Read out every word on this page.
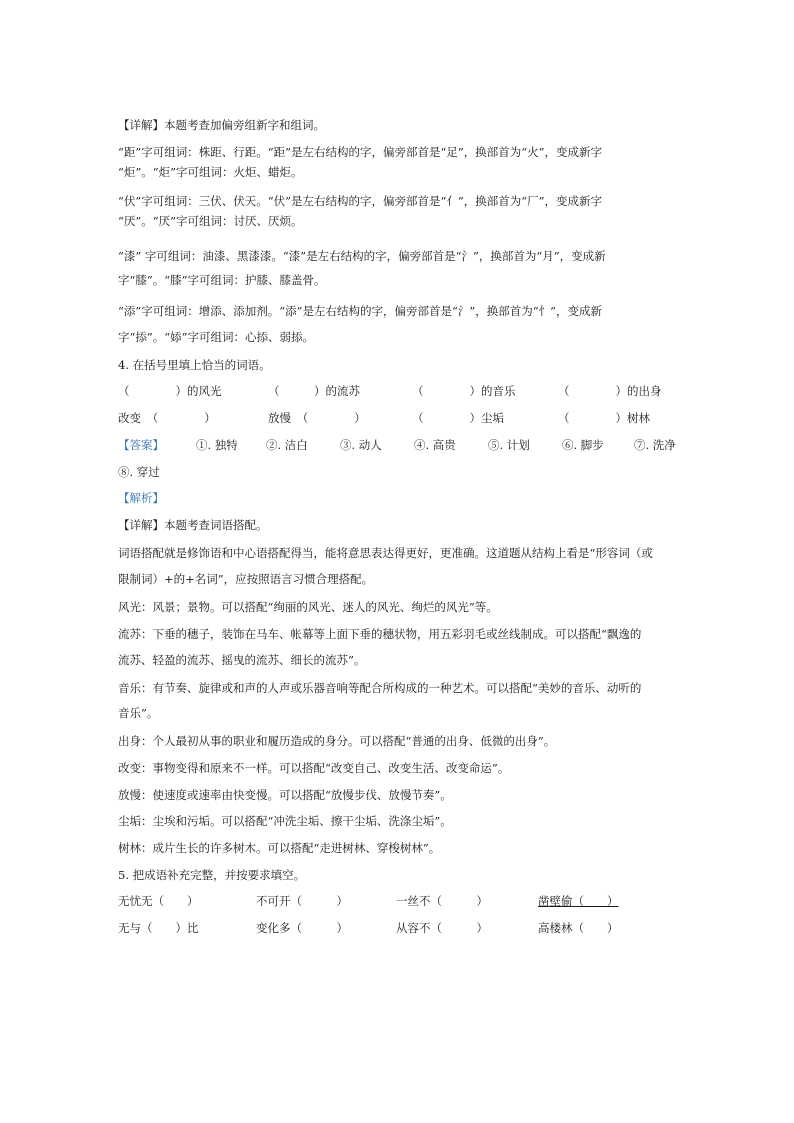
【详解】本题考查加偏旁组新字和组词。
“距”字可组词：株距、行距。“距”是左右结构的字，偏旁部首是“足”，换部首为“火”，变成新字
“炬”。“炬”字可组词：火炬、蜡炬。
“伏”字可组词：三伏、伏天。“伏”是左右结构的字，偏旁部首是“亻”，换部首为“厂”，变成新字
“厌”。“厌”字可组词：讨厌、厌烦。
“漆” 字可组词：油漆、黑漆漆。“漆”是左右结构的字，偏旁部首是“氵”，换部首为“月”，变成新
字“膝”。“膝”字可组词：护膝、膝盖骨。
“添”字可组词：增添、添加剂。“添”是左右结构的字，偏旁部首是“氵”，换部首为“忄”，变成新
字“掭”。“婖”字可组词：心掭、弱掭。
4. 在括号里填上恰当的词语。
（　　　　）的风光	（　　　）的流苏	（　　　　）的音乐	（　　　　）的出身
改变　（　　　　）	放慢　（　　　　）	（　　　　）尘垢	（　　　　）树林
【答案】	①. 独特 ②. 洁白	③. 动人	④. 高贵	⑤. 计划	⑥. 脚步	⑦. 洗净
⑧. 穿过
【解析】
【详解】本题考查词语搭配。
词语搭配就是修饰语和中心语搭配得当，能将意思表达得更好，更准确。这道题从结构上看是“形容词（或
限制词）+的+名词”，应按照语言习惯合理搭配。
风光：风景；景物。可以搭配“绚丽的风光、迷人的风光、绚烂的风光”等。
流苏：下垂的穗子，装饰在马车、帐幕等上面下垂的穗状物，用五彩羽毛或丝线制成。可以搭配“飘逸的
流苏、轻盈的流苏、摇曳的流苏、细长的流苏”。
音乐：有节奏、旋律或和声的人声或乐器音响等配合所构成的一种艺术。可以搭配“美妙的音乐、动听的
音乐”。
出身：个人最初从事的职业和履历造成的身分。可以搭配“普通的出身、低微的出身”。
改变：事物变得和原来不一样。可以搭配“改变自己、改变生活、改变命运”。
放慢：使速度或速率由快变慢。可以搭配“放慢步伐、放慢节奏”。
尘垢：尘埃和污垢。可以搭配“冲洗尘垢、擦干尘垢、洗涤尘垢”。
树林：成片生长的许多树木。可以搭配“走进树林、穿梭树林”。
5. 把成语补充完整，并按要求填空。
无忧无（　　）	不可开（　　　）	一丝不（　　　）	凿壁偷（　　）
无与（　　）比	变化多（　　　）	从容不（　　　）	高楼林（　　）
